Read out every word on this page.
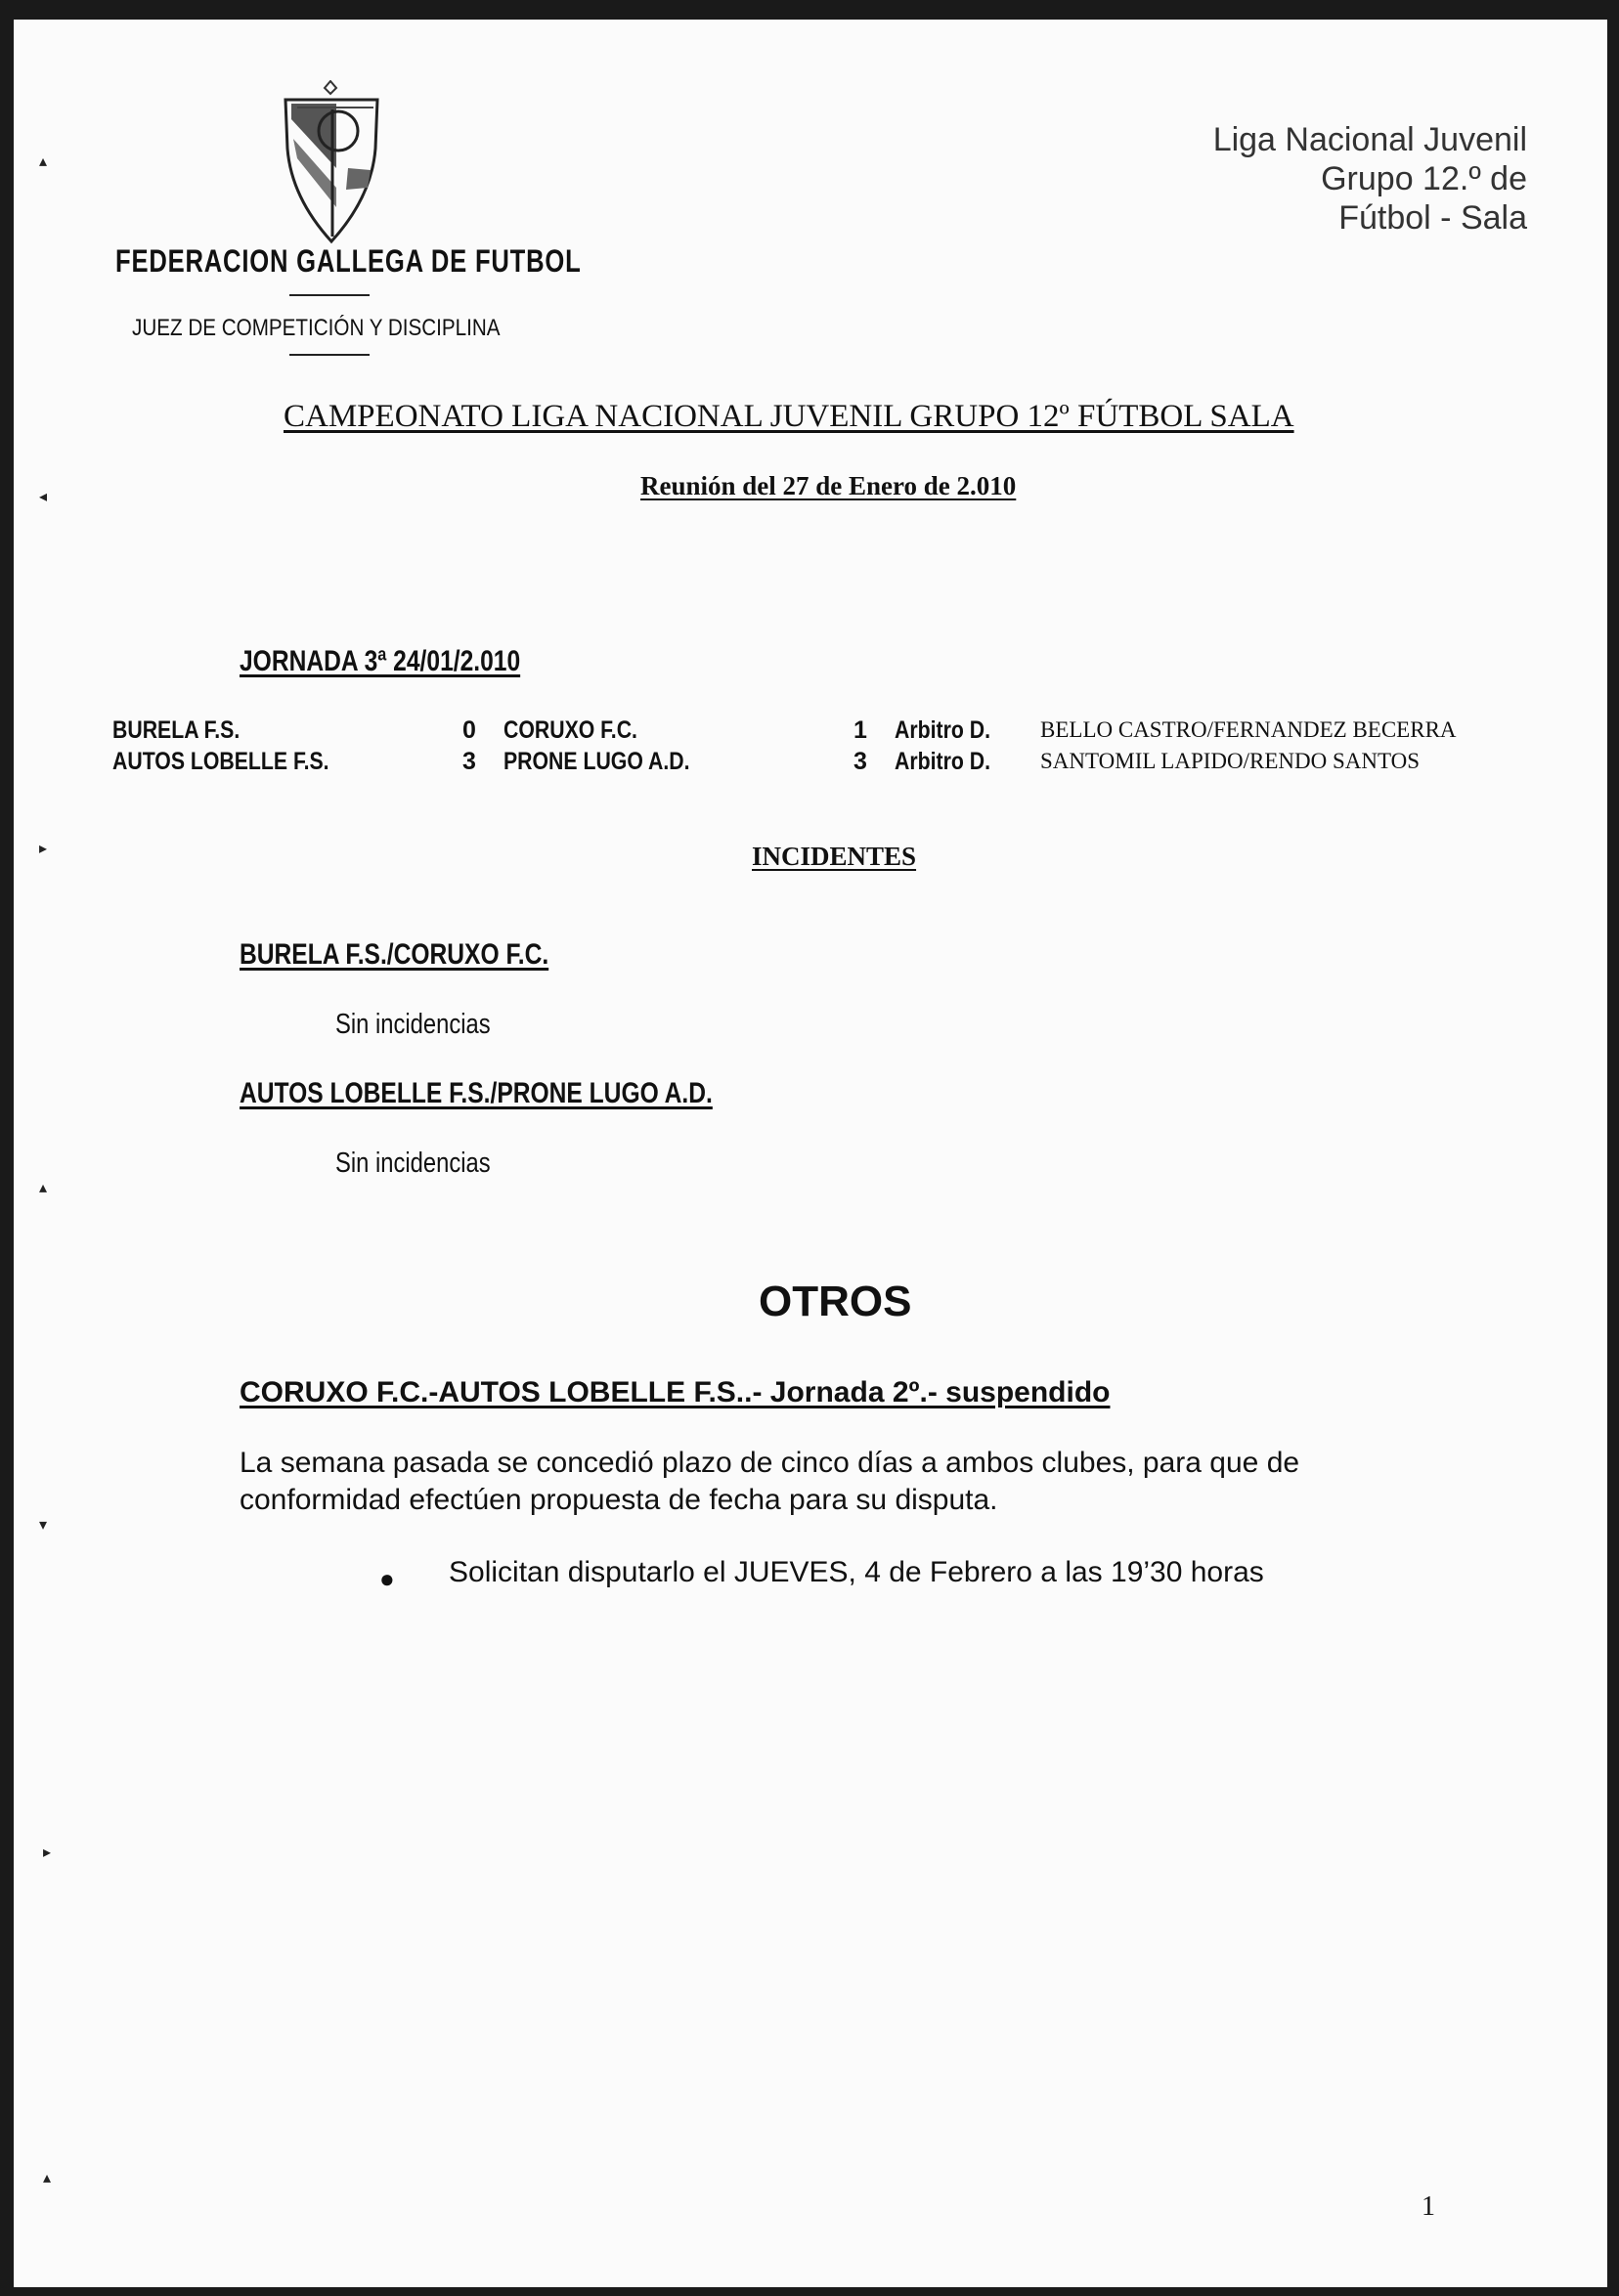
FEDERACION GALLEGA DE FUTBOL
JUEZ DE COMPETICIÓN Y DISCIPLINA
Liga Nacional Juvenil
Grupo 12.º de
Fútbol - Sala
CAMPEONATO LIGA NACIONAL JUVENIL GRUPO 12º FÚTBOL SALA
Reunión del 27 de Enero de 2.010
JORNADA 3ª 24/01/2.010
BURELA F.S.	0 CORUXO F.C.	1 Arbitro D. BELLO CASTRO/FERNANDEZ BECERRA
AUTOS LOBELLE F.S.	3 PRONE LUGO A.D.	3 Arbitro D. SANTOMIL LAPIDO/RENDO SANTOS
INCIDENTES
BURELA F.S./CORUXO F.C.
Sin incidencias
AUTOS LOBELLE F.S./PRONE LUGO A.D.
Sin incidencias
OTROS
CORUXO F.C.-AUTOS LOBELLE F.S..- Jornada 2º.- suspendido
La semana pasada se concedió plazo de cinco días a ambos clubes, para que de
conformidad efectúen propuesta de fecha para su disputa.
● Solicitan disputarlo el JUEVES, 4 de Febrero a las 19’30 horas
1
▴
◂
▸
▴
▾
▸
▴
